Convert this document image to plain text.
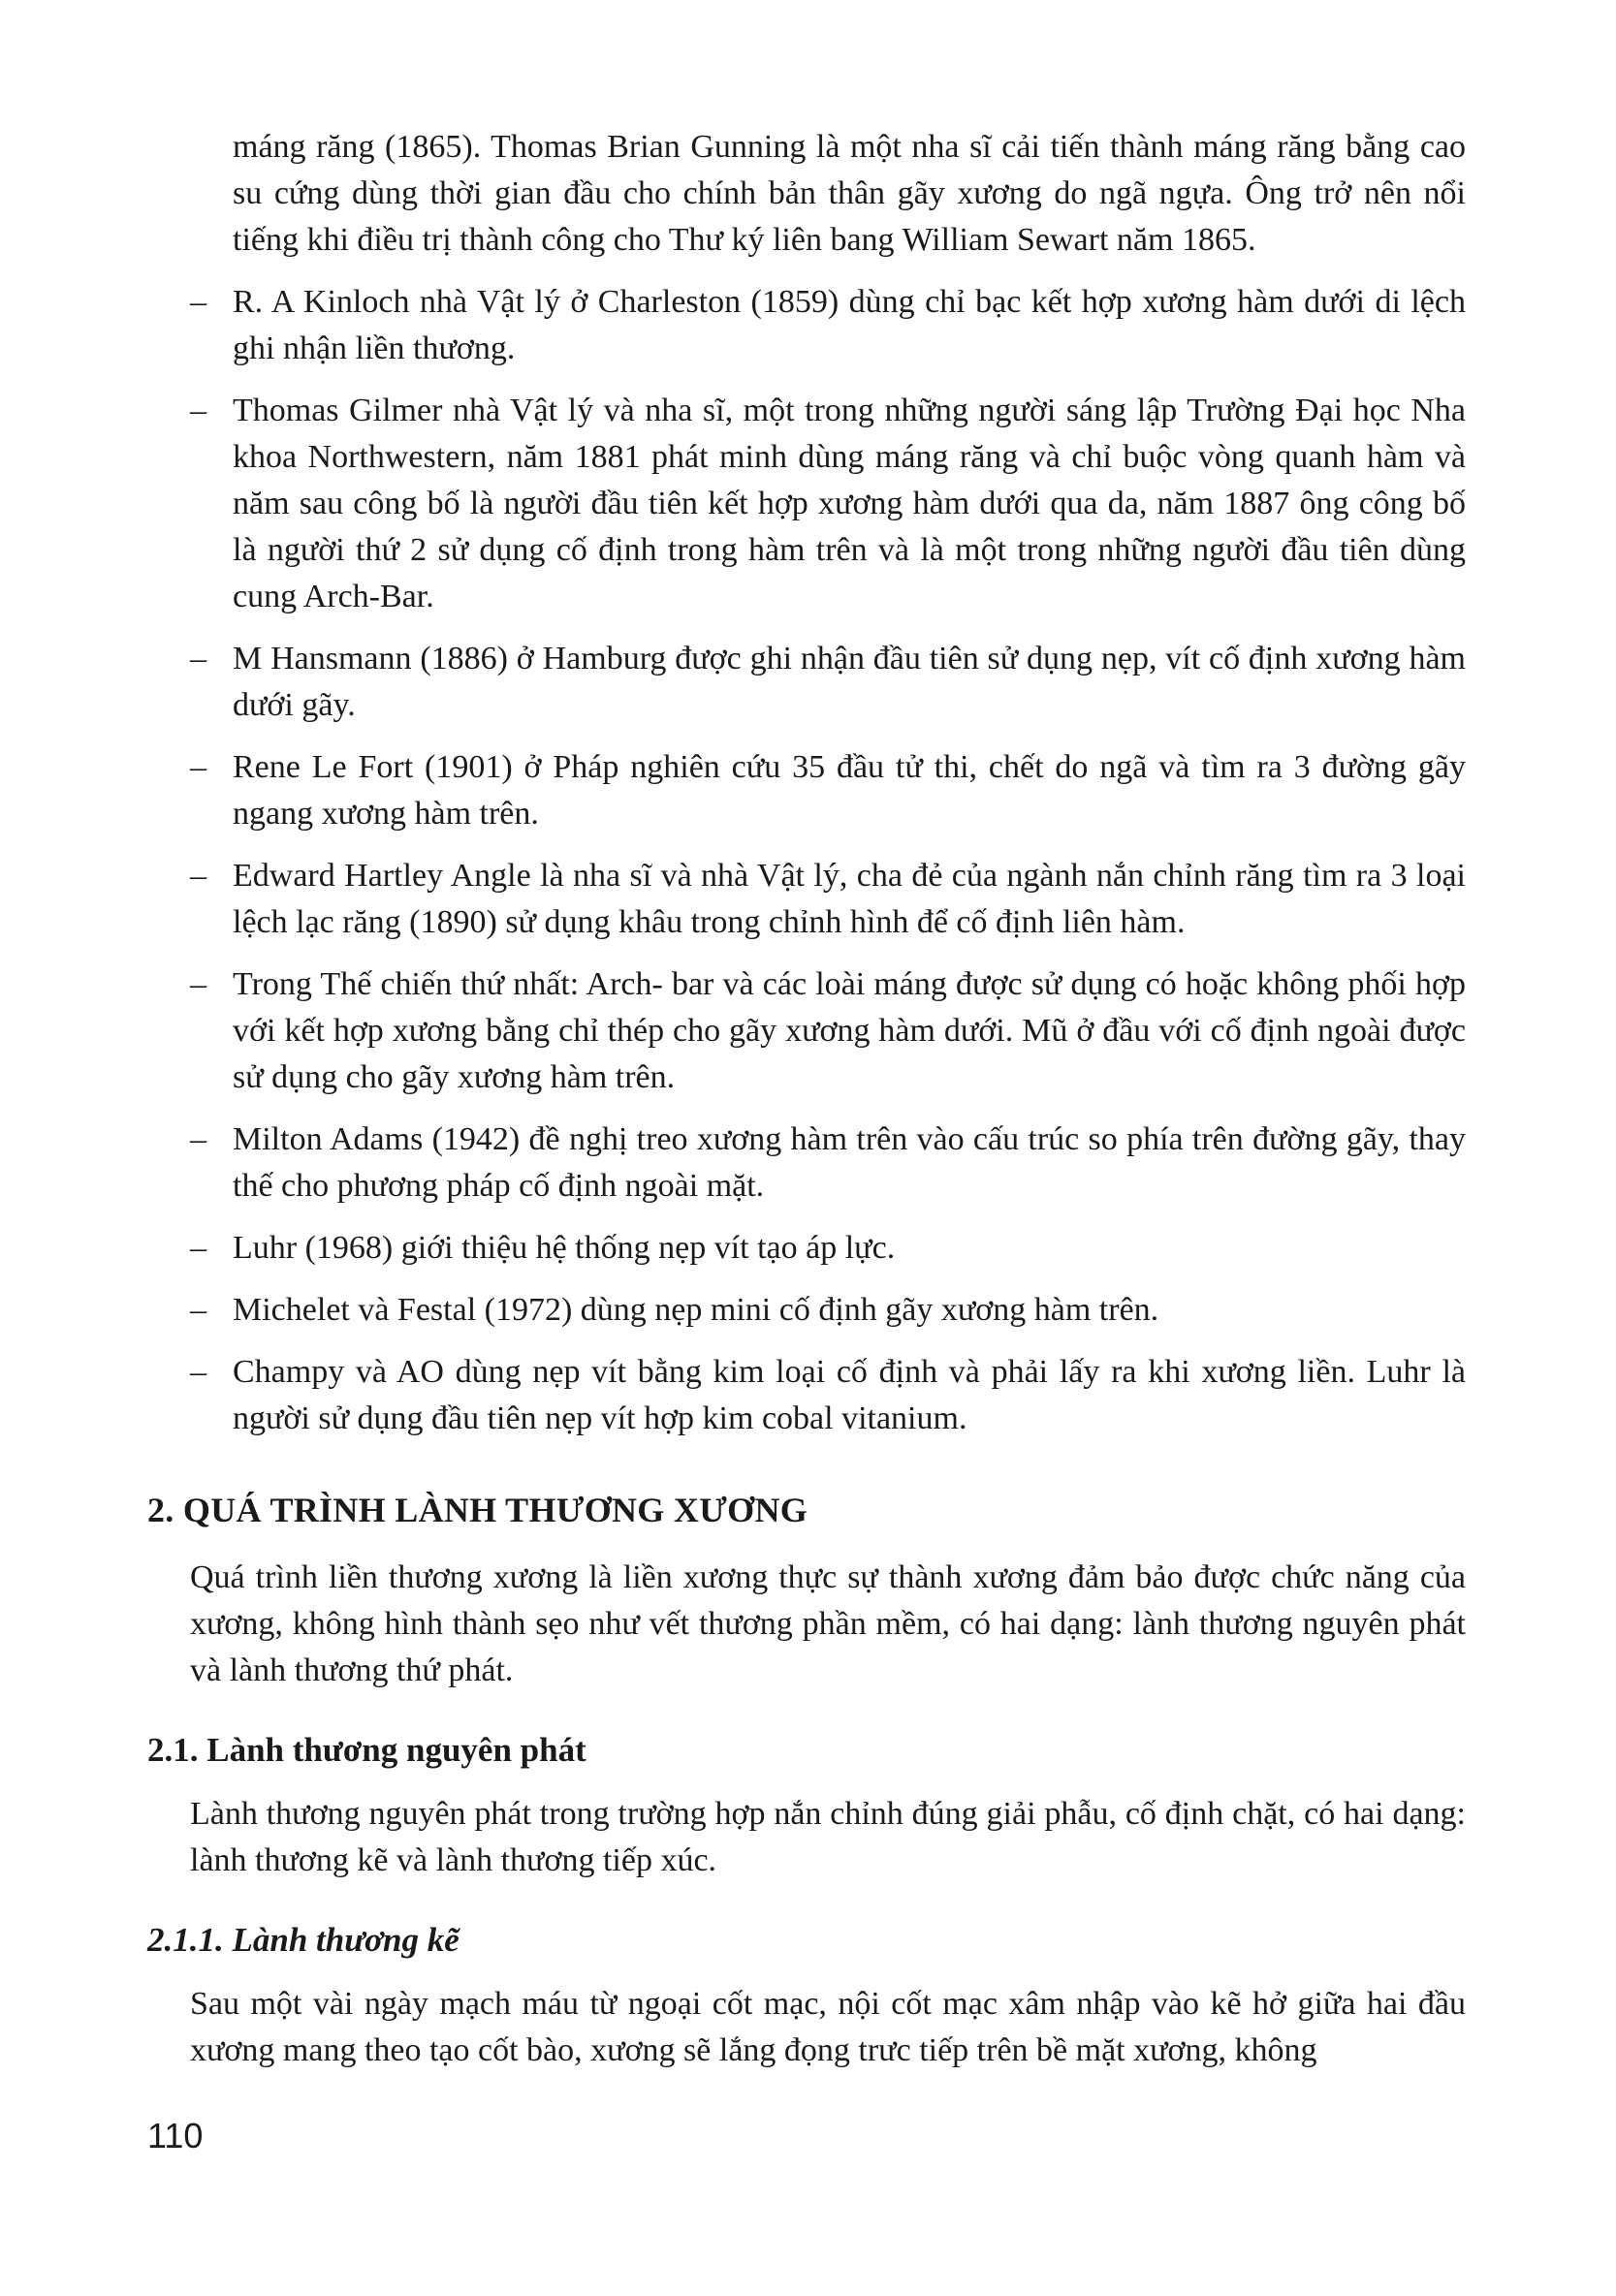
máng răng (1865). Thomas Brian Gunning là một nha sĩ cải tiến thành máng răng bằng cao su cứng dùng thời gian đầu cho chính bản thân gãy xương do ngã ngựa. Ông trở nên nổi tiếng khi điều trị thành công cho Thư ký liên bang William Sewart năm 1865.

– R. A Kinloch nhà Vật lý ở Charleston (1859) dùng chỉ bạc kết hợp xương hàm dưới di lệch ghi nhận liền thương.

– Thomas Gilmer nhà Vật lý và nha sĩ, một trong những người sáng lập Trường Đại học Nha khoa Northwestern, năm 1881 phát minh dùng máng răng và chỉ buộc vòng quanh hàm và năm sau công bố là người đầu tiên kết hợp xương hàm dưới qua da, năm 1887 ông công bố là người thứ 2 sử dụng cố định trong hàm trên và là một trong những người đầu tiên dùng cung Arch-Bar.

– M Hansmann (1886) ở Hamburg được ghi nhận đầu tiên sử dụng nẹp, vít cố định xương hàm dưới gãy.

– Rene Le Fort (1901) ở Pháp nghiên cứu 35 đầu tử thi, chết do ngã và tìm ra 3 đường gãy ngang xương hàm trên.

– Edward Hartley Angle là nha sĩ và nhà Vật lý, cha đẻ của ngành nắn chỉnh răng tìm ra 3 loại lệch lạc răng (1890) sử dụng khâu trong chỉnh hình để cố định liên hàm.

– Trong Thế chiến thứ nhất: Arch- bar và các loài máng được sử dụng có hoặc không phối hợp với kết hợp xương bằng chỉ thép cho gãy xương hàm dưới. Mũ ở đầu với cố định ngoài được sử dụng cho gãy xương hàm trên.

– Milton Adams (1942) đề nghị treo xương hàm trên vào cấu trúc so phía trên đường gãy, thay thế cho phương pháp cố định ngoài mặt.

– Luhr (1968) giới thiệu hệ thống nẹp vít tạo áp lực.

– Michelet và Festal (1972) dùng nẹp mini cố định gãy xương hàm trên.

– Champy và AO dùng nẹp vít bằng kim loại cố định và phải lấy ra khi xương liền. Luhr là người sử dụng đầu tiên nẹp vít hợp kim cobal vitanium.

2. QUÁ TRÌNH LÀNH THƯƠNG XƯƠNG

Quá trình liền thương xương là liền xương thực sự thành xương đảm bảo được chức năng của xương, không hình thành sẹo như vết thương phần mềm, có hai dạng: lành thương nguyên phát và lành thương thứ phát.

2.1. Lành thương nguyên phát

Lành thương nguyên phát trong trường hợp nắn chỉnh đúng giải phẫu, cố định chặt, có hai dạng: lành thương kẽ và lành thương tiếp xúc.

2.1.1. Lành thương kẽ

Sau một vài ngày mạch máu từ ngoại cốt mạc, nội cốt mạc xâm nhập vào kẽ hở giữa hai đầu xương mang theo tạo cốt bào, xương sẽ lắng đọng trưc tiếp trên bề mặt xương, không

110
